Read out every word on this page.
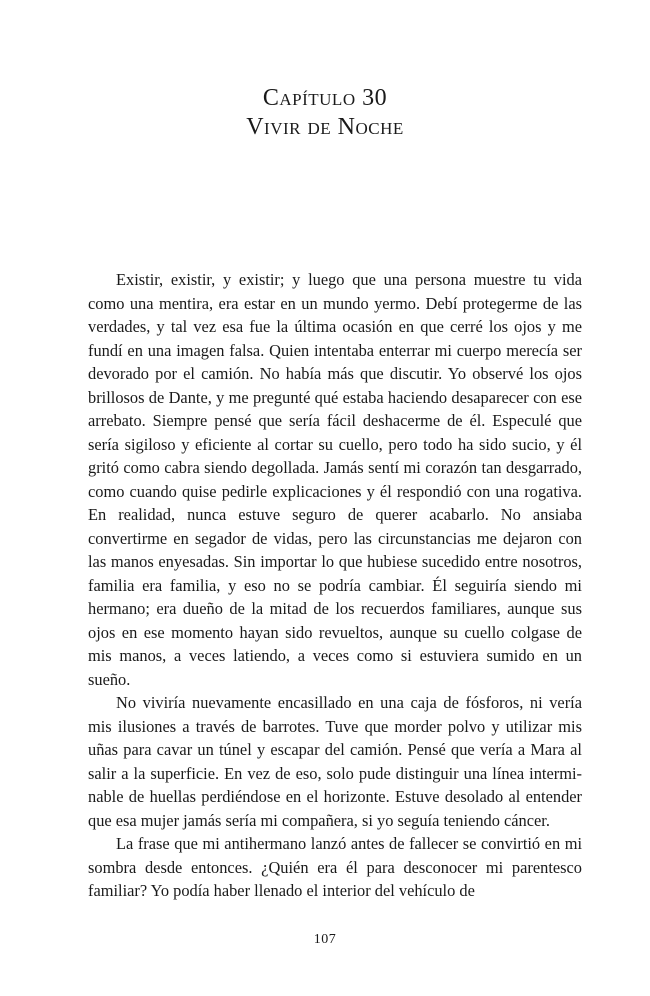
Capítulo 30
Vivir de Noche

Existir, existir, y existir; y luego que una persona muestre tu vida como una mentira, era estar en un mundo yermo. Debí protegerme de las verdades, y tal vez esa fue la última ocasión en que cerré los ojos y me fundí en una imagen falsa. Quien intentaba enterrar mi cuerpo merecía ser devorado por el camión. No había más que discutir. Yo observé los ojos brillosos de Dante, y me pregunté qué estaba haciendo desaparecer con ese arrebato. Siempre pensé que sería fácil deshacerme de él. Especulé que sería sigiloso y eficiente al cortar su cuello, pero todo ha sido sucio, y él gritó como cabra siendo degollada. Jamás sentí mi corazón tan desgarrado, como cuando quise pedirle explicaciones y él respondió con una rogativa. En realidad, nunca estuve seguro de querer acabarlo. No ansiaba convertirme en segador de vidas, pero las circunstancias me dejaron con las manos enyesadas. Sin importar lo que hubiese sucedido entre nosotros, familia era familia, y eso no se podría cambiar. Él seguiría siendo mi hermano; era dueño de la mitad de los recuerdos familiares, aunque sus ojos en ese momento hayan sido revueltos, aunque su cuello colgase de mis manos, a veces latiendo, a veces como si estuviera sumido en un sueño.

No viviría nuevamente encasillado en una caja de fósforos, ni vería mis ilusiones a través de barrotes. Tuve que morder polvo y utilizar mis uñas para cavar un túnel y escapar del camión. Pensé que vería a Mara al salir a la superficie. En vez de eso, solo pude distinguir una línea interminable de huellas perdiéndose en el horizonte. Estuve desolado al entender que esa mujer jamás sería mi compañera, si yo seguía teniendo cáncer.

La frase que mi antihermano lanzó antes de fallecer se convirtió en mi sombra desde entonces. ¿Quién era él para desconocer mi parentesco familiar? Yo podía haber llenado el interior del vehículo de

107
